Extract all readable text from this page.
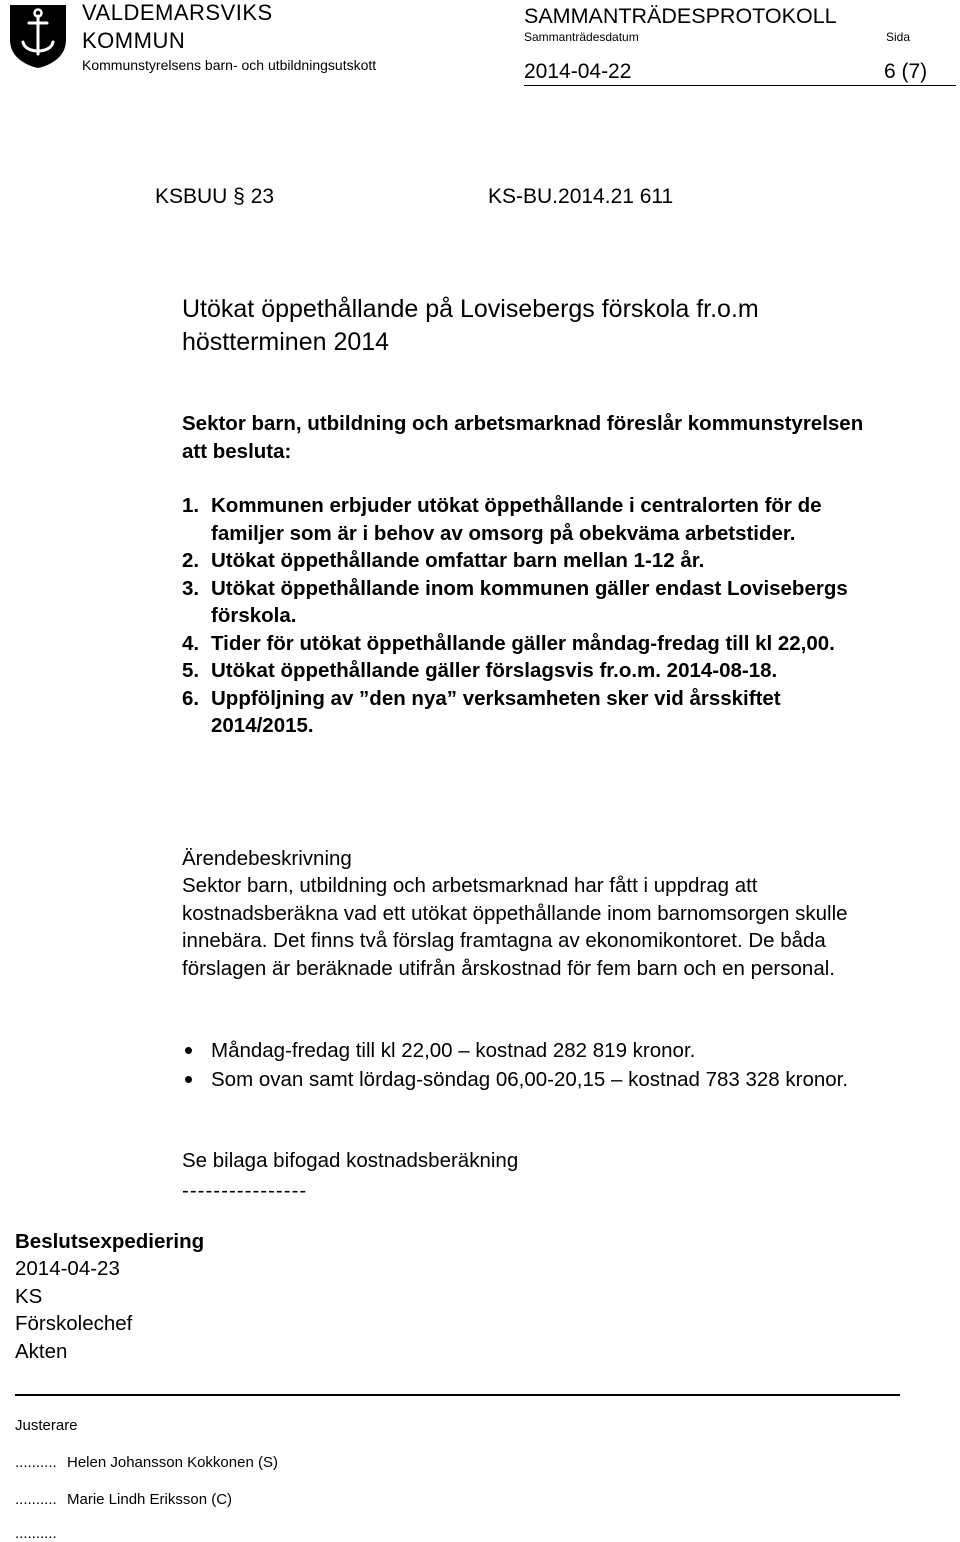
VALDEMARSVIKS
KOMMUN
Kommunstyrelsens barn- och utbildningsutskott
SAMMANTRÄDESPROTOKOLL
Sammanträdesdatum	Sida
2014-04-22	6 (7)
KSBUU § 23	KS-BU.2014.21 611
Utökat öppethållande på Lovisebergs förskola fr.o.m höstterminen 2014
Sektor barn, utbildning och arbetsmarknad föreslår kommunstyrelsen att besluta:
1. Kommunen erbjuder utökat öppethållande i centralorten för de familjer som är i behov av omsorg på obekväma arbetstider.
2. Utökat öppethållande omfattar barn mellan 1-12 år.
3. Utökat öppethållande inom kommunen gäller endast Lovisebergs förskola.
4. Tider för utökat öppethållande gäller måndag-fredag till kl 22,00.
5. Utökat öppethållande gäller förslagsvis fr.o.m. 2014-08-18.
6. Uppföljning av ”den nya” verksamheten sker vid årsskiftet 2014/2015.
Ärendebeskrivning
Sektor barn, utbildning och arbetsmarknad har fått i uppdrag att kostnadsberäkna vad ett utökat öppethållande inom barnomsorgen skulle innebära. Det finns två förslag framtagna av ekonomikontoret. De båda förslagen är beräknade utifrån årskostnad för fem barn och en personal.
Måndag-fredag till kl 22,00 – kostnad 282 819 kronor.
Som ovan samt lördag-söndag 06,00-20,15 – kostnad 783 328 kronor.
Se bilaga bifogad kostnadsberäkning
----------------
Beslutsexpediering
2014-04-23
KS
Förskolechef
Akten
Justerare
.......... Helen Johansson Kokkonen (S)
.......... Marie Lindh Eriksson (C)
..........
